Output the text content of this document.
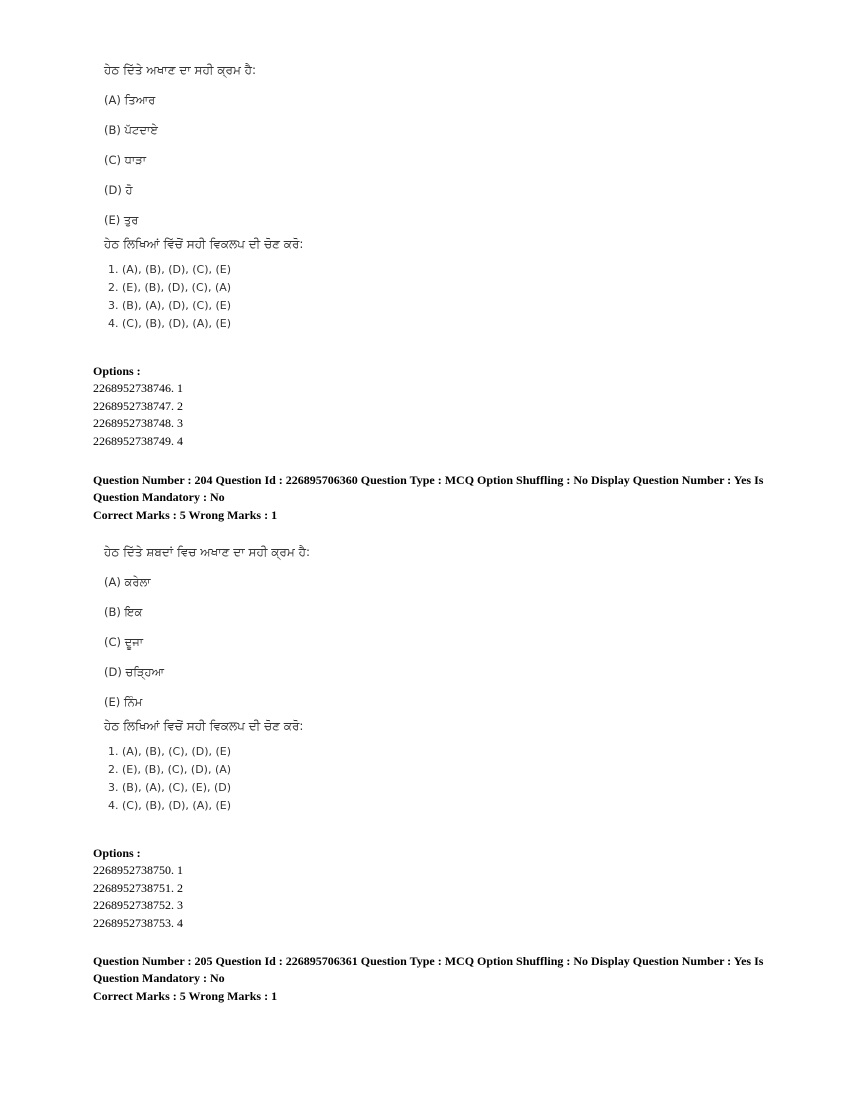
ਹੇਠ ਦਿੱਤੇ ਅਖਾਣ ਦਾ ਸਹੀ ਕ੍ਰਮ ਹੈ:
(A) ਤਿਆਰ
(B) ਪੱਟਦਾਏ
(C) ਧਾੜਾ
(D) ਹੋ
(E) ਤੁਰ
ਹੇਠ ਲਿਖਿਆਂ ਵਿੱਚੋਂ ਸਹੀ ਵਿਕਲਪ ਦੀ ਚੋਣ ਕਰੋ:
1. (A), (B), (D), (C), (E)
2. (E), (B), (D), (C), (A)
3. (B), (A), (D), (C), (E)
4. (C), (B), (D), (A), (E)
Options :
2268952738746. 1
2268952738747. 2
2268952738748. 3
2268952738749. 4
Question Number : 204 Question Id : 226895706360 Question Type : MCQ Option Shuffling : No Display Question Number : Yes Is
Question Mandatory : No
Correct Marks : 5 Wrong Marks : 1
ਹੇਠ ਦਿੱਤੇ ਸ਼ਬਦਾਂ ਵਿਚ ਅਖਾਣ ਦਾ ਸਹੀ ਕ੍ਰਮ ਹੈ:
(A) ਕਰੇਲਾ
(B) ਇਕ
(C) ਦੂਜਾ
(D) ਚੜ੍ਹਿਆ
(E) ਨਿੰਮ
ਹੇਠ ਲਿਖਿਆਂ ਵਿਚੋਂ ਸਹੀ ਵਿਕਲਪ ਦੀ ਚੋਣ ਕਰੋ:
1. (A), (B), (C), (D), (E)
2. (E), (B), (C), (D), (A)
3. (B), (A), (C), (E), (D)
4. (C), (B), (D), (A), (E)
Options :
2268952738750. 1
2268952738751. 2
2268952738752. 3
2268952738753. 4
Question Number : 205 Question Id : 226895706361 Question Type : MCQ Option Shuffling : No Display Question Number : Yes Is
Question Mandatory : No
Correct Marks : 5 Wrong Marks : 1
